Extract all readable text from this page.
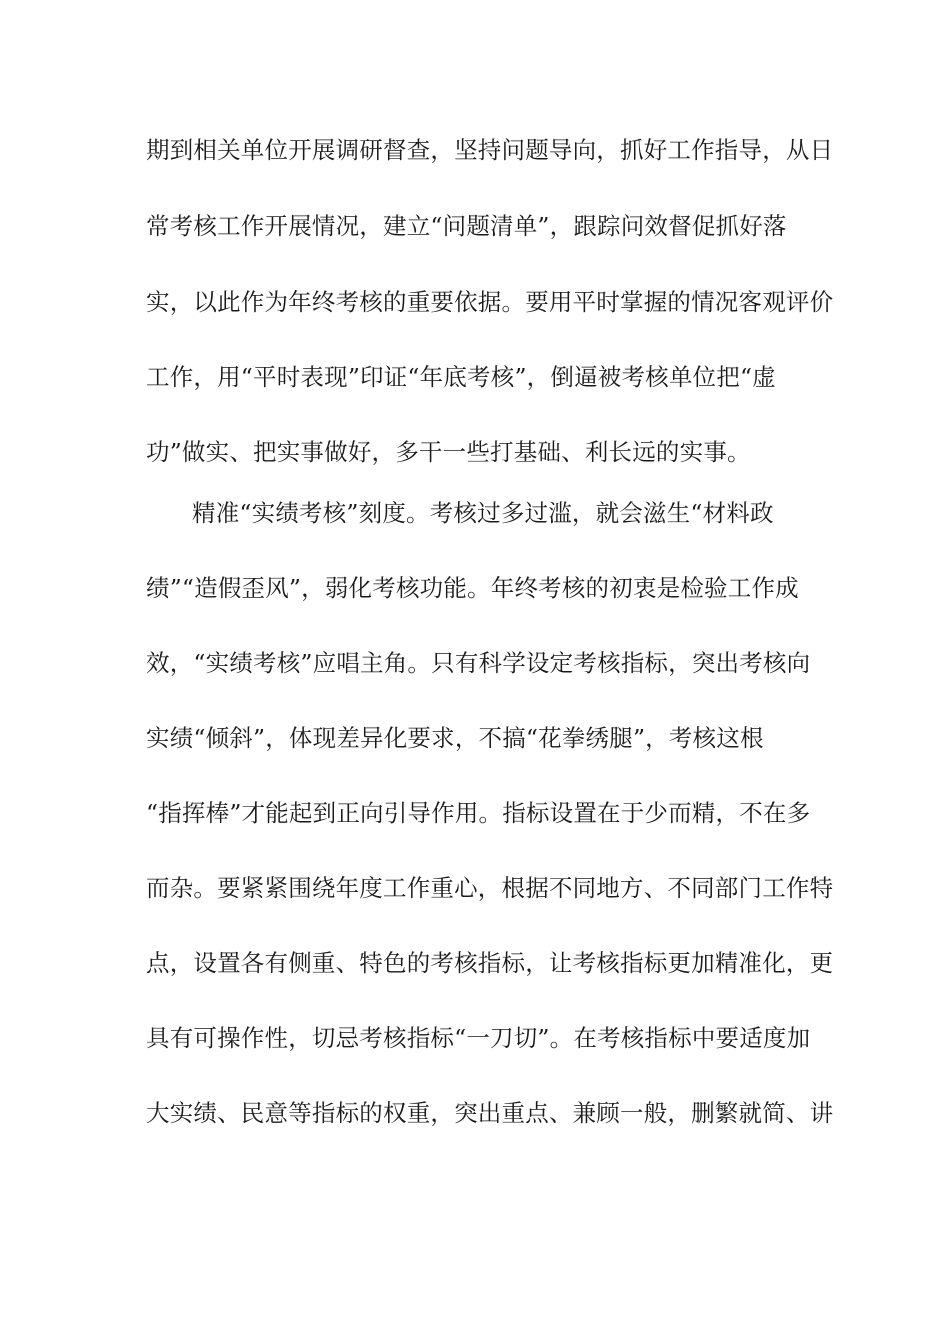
期到相关单位开展调研督查，坚持问题导向，抓好工作指导，从日
常考核工作开展情况，建立“问题清单”，跟踪问效督促抓好落
实，以此作为年终考核的重要依据。要用平时掌握的情况客观评价
工作，用“平时表现”印证“年底考核”，倒逼被考核单位把“虚
功”做实、把实事做好，多干一些打基础、利长远的实事。
精准“实绩考核”刻度。考核过多过滥，就会滋生“材料政
绩”“造假歪风”，弱化考核功能。年终考核的初衷是检验工作成
效，“实绩考核”应唱主角。只有科学设定考核指标，突出考核向
实绩“倾斜”，体现差异化要求，不搞“花拳绣腿”，考核这根
“指挥棒”才能起到正向引导作用。指标设置在于少而精，不在多
而杂。要紧紧围绕年度工作重心，根据不同地方、不同部门工作特
点，设置各有侧重、特色的考核指标，让考核指标更加精准化，更
具有可操作性，切忌考核指标“一刀切”。在考核指标中要适度加
大实绩、民意等指标的权重，突出重点、兼顾一般，删繁就简、讲
